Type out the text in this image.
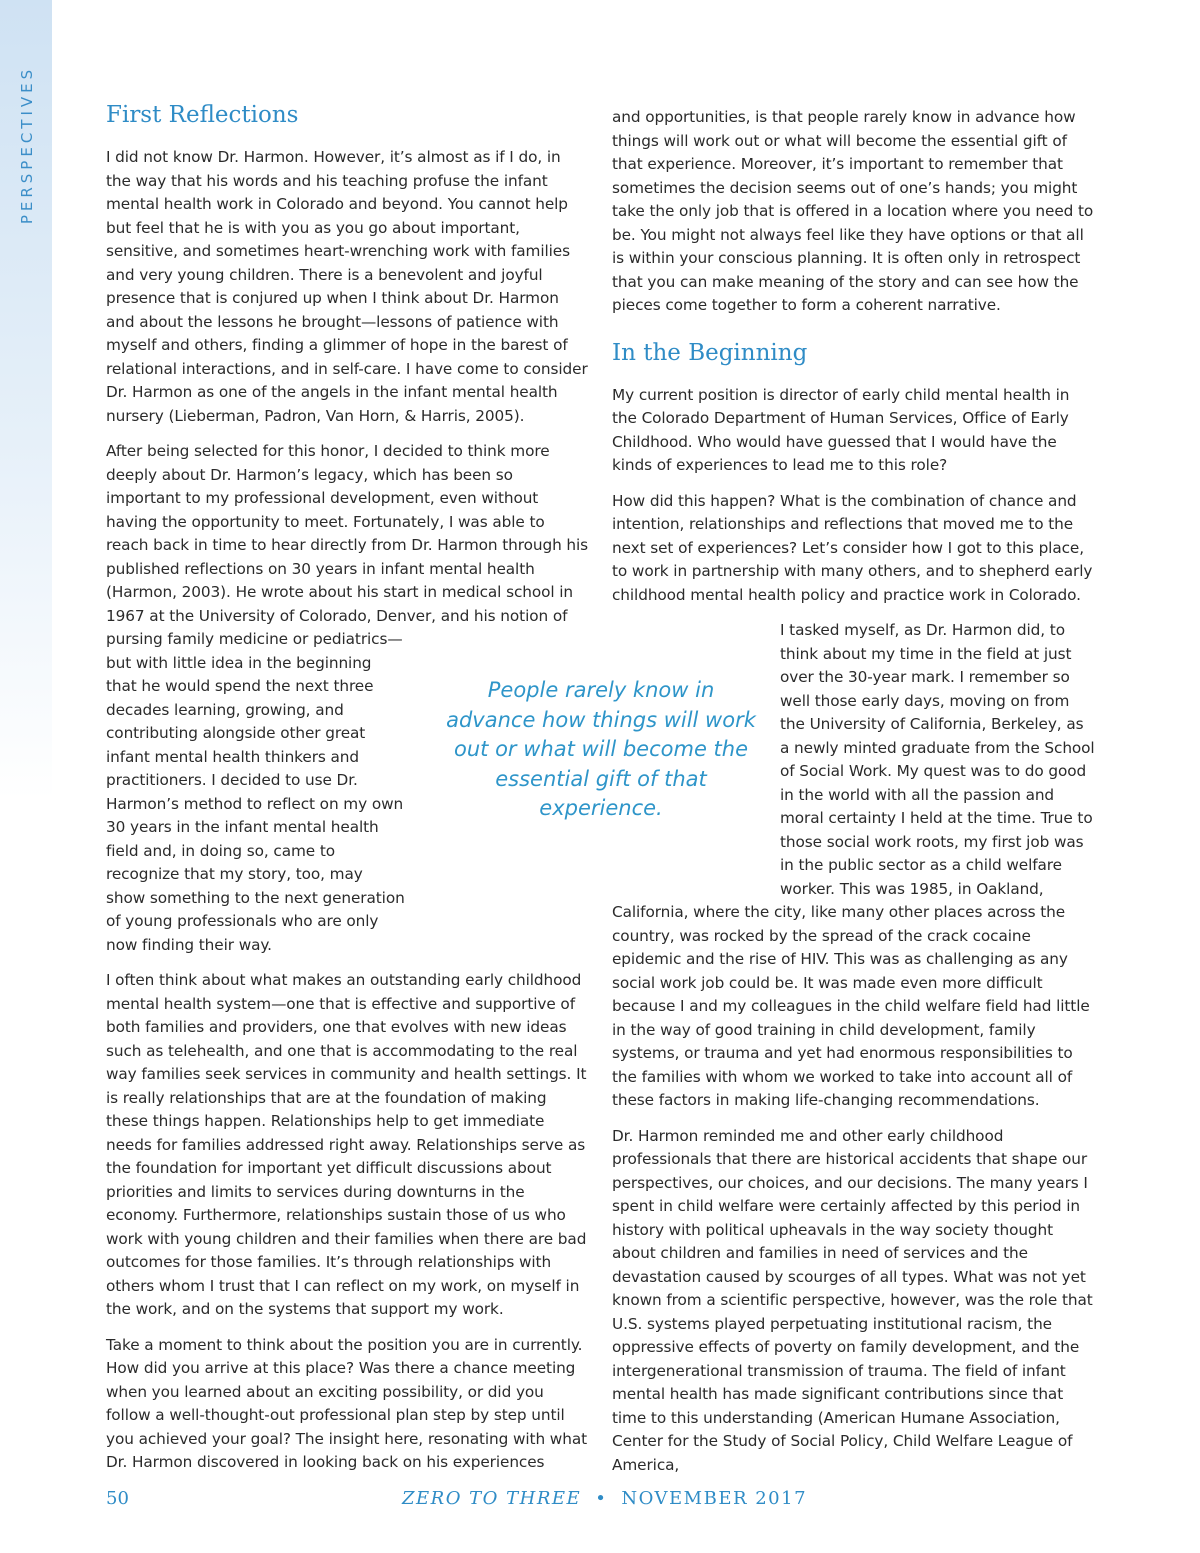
PERSPECTIVES	First Reflections

I did not know Dr. Harmon. However, it’s almost as if I do, in the way that his words and his teaching profuse the infant mental health work in Colorado and beyond. You cannot help but feel that he is with you as you go about important, sensitive, and sometimes heart-wrenching work with families and very young children. There is a benevolent and joyful presence that is conjured up when I think about Dr. Harmon and about the lessons he brought—lessons of patience with myself and others, finding a glimmer of hope in the barest of relational interactions, and in self-care. I have come to consider Dr. Harmon as one of the angels in the infant mental health nursery (Lieberman, Padron, Van Horn, & Harris, 2005).

After being selected for this honor, I decided to think more deeply about Dr. Harmon’s legacy, which has been so important to my professional development, even without having the opportunity to meet. Fortunately, I was able to reach back in time to hear directly from Dr. Harmon through his published reflections on 30 years in infant mental health (Harmon, 2003). He wrote about his start in medical school in 1967 at the University of Colorado, Denver, and his notion of

pursing family medicine or pediatrics—but with little idea in the beginning that he would spend the next three decades learning, growing, and contributing alongside other great infant mental health thinkers and practitioners. I decided to use Dr. Harmon’s method to reflect on my own 30 years in the infant mental health field and, in doing so, came to recognize that my story, too, may show something to the next generation of young professionals who are only now finding their way.

I often think about what makes an outstanding early childhood mental health system—one that is effective and supportive of both families and providers, one that evolves with new ideas such as telehealth, and one that is accommodating to the real way families seek services in community and health settings. It is really relationships that are at the foundation of making these things happen. Relationships help to get immediate needs for families addressed right away. Relationships serve as the foundation for important yet difficult discussions about priorities and limits to services during downturns in the economy. Furthermore, relationships sustain those of us who work with young children and their families when there are bad outcomes for those families. It’s through relationships with others whom I trust that I can reflect on my work, on myself in the work, and on the systems that support my work.

Take a moment to think about the position you are in currently. How did you arrive at this place? Was there a chance meeting when you learned about an exciting possibility, or did you follow a well-thought-out professional plan step by step until you achieved your goal? The insight here, resonating with what Dr. Harmon discovered in looking back on his experiences

and opportunities, is that people rarely know in advance how things will work out or what will become the essential gift of that experience. Moreover, it’s important to remember that sometimes the decision seems out of one’s hands; you might take the only job that is offered in a location where you need to be. You might not always feel like they have options or that all is within your conscious planning. It is often only in retrospect that you can make meaning of the story and can see how the pieces come together to form a coherent narrative.

In the Beginning

My current position is director of early child mental health in the Colorado Department of Human Services, Office of Early Childhood. Who would have guessed that I would have the kinds of experiences to lead me to this role?

How did this happen? What is the combination of chance and intention, relationships and reflections that moved me to the next set of experiences? Let’s consider how I got to this place, to work in partnership with many others, and to shepherd early childhood mental health policy and practice work in Colorado.

I tasked myself, as Dr. Harmon did, to think about my time in the field at just over the 30-year mark. I remember so well those early days, moving on from the University of California, Berkeley, as a newly minted graduate from the School of Social Work. My quest was to do good in the world with all the passion and moral certainty I held at the time. True to those social work roots, my first job was in the public sector as a child welfare worker. This was 1985, in Oakland,

California, where the city, like many other places across the country, was rocked by the spread of the crack cocaine epidemic and the rise of HIV. This was as challenging as any social work job could be. It was made even more difficult because I and my colleagues in the child welfare field had little in the way of good training in child development, family systems, or trauma and yet had enormous responsibilities to the families with whom we worked to take into account all of these factors in making life-changing recommendations.

Dr. Harmon reminded me and other early childhood professionals that there are historical accidents that shape our perspectives, our choices, and our decisions. The many years I spent in child welfare were certainly affected by this period in history with political upheavals in the way society thought about children and families in need of services and the devastation caused by scourges of all types. What was not yet known from a scientific perspective, however, was the role that U.S. systems played perpetuating institutional racism, the oppressive effects of poverty on family development, and the intergenerational transmission of trauma. The field of infant mental health has made significant contributions since that time to this understanding (American Humane Association, Center for the Study of Social Policy, Child Welfare League of America,

People rarely know in advance how things will work out or what will become the essential gift of that experience.
50	ZERO TO THREE • NOVEMBER 2017
